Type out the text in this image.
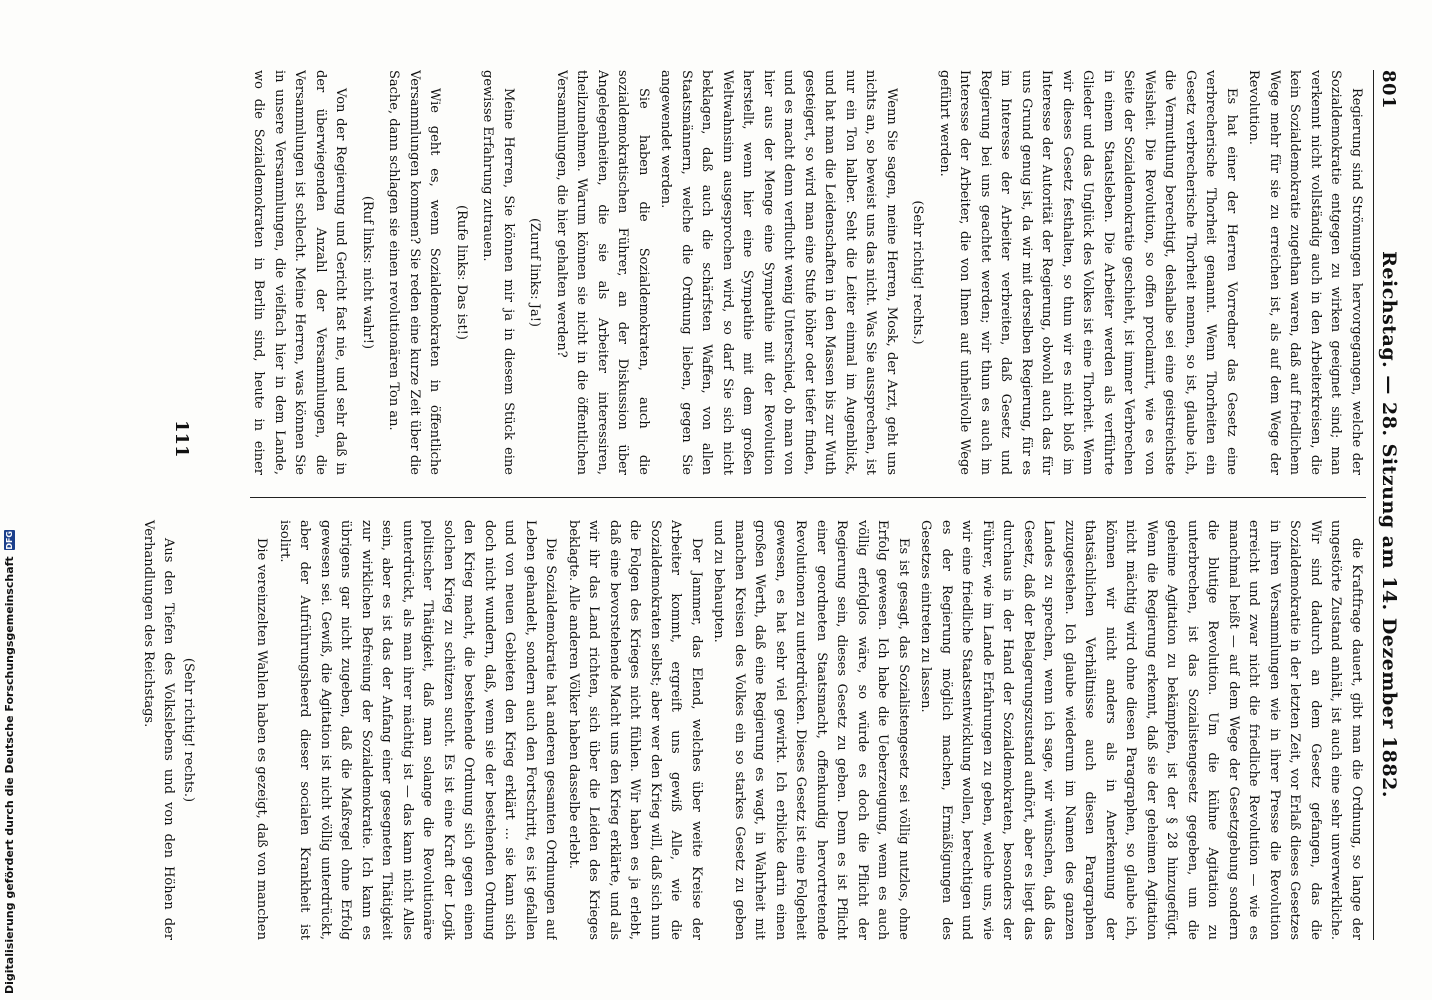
801
Reichstag. — 28. Sitzung am 14. Dezember 1882.

Regierung sind Strömungen hervorgegangen, welche der Sozialdemokratie entgegen zu wirken geeignet sind; man verkennt nicht vollständig auch in den Arbeiterkreisen, die kein Sozialdemokratie zugethan waren, daß auf friedlichem Wege mehr für sie zu erreichen ist, als auf dem Wege der Revolution.

Es hat einer der Herren Vorredner das Gesetz eine verbrecherische Thorheit genannt. Wenn Thorheiten ein Gesetz verbrecherische Thorheit nennen, so ist, glaube ich, die Vermuthung berechtigt, deshalbe sei eine geistreichste Weisheit. Die Revolution, so offen proclamirt, wie es von Seite der Sozialdemokratie geschieht, ist immer Verbrechen in einem Staatsleben. Die Arbeiter werden als verführte Glieder und das Unglück des Volkes ist eine Thorheit. Wenn wir dieses Gesetz festhalten, so thun wir es nicht bloß im Interesse der Autorität der Regierung, obwohl auch das für uns Grund genug ist, da wir mit derselben Regierung, für es im Interesse der Arbeiter verbreiten, daß Gesetz und Regierung bei uns geachtet werden; wir thun es auch im Interesse der Arbeiter, die von Ihnen auf unheilvolle Wege geführt werden.

(Sehr richtig! rechts.)

Wenn Sie sagen, meine Herren, Mosk, der Arzt, geht uns nichts an, so beweist uns das nicht. Was Sie aussprechen, ist nur ein Ton halber. Seht die Leiter einmal im Augenblick, und hat man die Leidenschaften in den Massen bis zur Wuth gesteigert, so wird man eine Stufe höher oder tiefer finden, und es macht denn verflucht wenig Unterschied, ob man von hier aus der Menge eine Sympathie mit der Revolution herstellt, wenn hier eine Sympathie mit dem großen Weltwahnsinn ausgesprochen wird, so darf Sie sich nicht beklagen, daß auch die schärfsten Waffen, von allen Staatsmännern, welche die Ordnung lieben, gegen Sie angewendet werden.

Sie haben die Sozialdemokraten, auch die sozialdemokratischen Führer, an der Diskussion über Angelegenheiten, die sie als Arbeiter interessiren, theilzunehmen. Warum können sie nicht in die öffentlichen Versammlungen, die hier gehalten werden?

(Zuruf links: Ja!)

Meine Herren, Sie können mir ja in diesem Stück eine gewisse Erfahrung zutrauen.

(Rufe links: Das ist!)

Wie geht es, wenn Sozialdemokraten in öffentliche Versammlungen kommen? Sie reden eine kurze Zeit über die Sache, dann schlagen sie einen revolutionären Ton an.

(Ruf links: nicht wahr!)

Von der Regierung und Gericht fast nie, und sehr daß in der überwiegenden Anzahl der Versammlungen, die Versammlungen ist schlecht. Meine Herren, was können Sie in unsere Versammlungen, die vielfach hier in dem Lande, wo die Sozialdemokraten in Berlin sind, heute in einer

die Kraftfrage dauert, gibt man die Ordnung, so lange der ungestörte Zustand anhält, ist auch eine sehr unverwerkliche. Wir sind dadurch an dem Gesetz gefangen, das die Sozialdemokratie in der letzten Zeit, vor Erlaß dieses Gesetzes in ihren Versammlungen wie in ihrer Presse die Revolution erreicht und zwar nicht die friedliche Revolution — wie es manchmal heißt — auf dem Wege der Gesetzgebung sondern die blutige Revolution. Um die kühne Agitation zu unterbrechen, ist das Sozialistengesetz gegeben, um die geheime Agitation zu bekämpfen, ist der § 28 hinzugefügt. Wenn die Regierung erkennt, daß sie der geheimen Agitation nicht mächtig wird ohne diesen Paragraphen, so glaube ich, können wir nicht anders als in Anerkennung der thatsächlichen Verhältnisse auch diesen Paragraphen zuzugestehen. Ich glaube wiederum im Namen des ganzen Landes zu sprechen, wenn ich sage, wir wünschen, daß das Gesetz, daß der Belagerungszustand aufhört, aber es liegt das durchaus in der Hand der Sozialdemokraten, besonders der Führer, wie im Lande Erfahrungen zu geben, welche uns, wie wir eine friedliche Staatsentwicklung wollen, berechtigen und es der Regierung möglich machen, Ermäßigungen des Gesetzes eintreten zu lassen.

Es ist gesagt, das Sozialistengesetz sei völlig nutzlos, ohne Erfolg gewesen. Ich habe die Ueberzeugung, wenn es auch völlig erfolglos wäre, so würde es doch die Pflicht der Regierung sein, dieses Gesetz zu geben. Denn es ist Pflicht einer geordneten Staatsmacht, offenkundig hervortretende Revolutionen zu unterdrücken. Dieses Gesetz ist eine Folgeheit gewesen, es hat sehr viel gewirkt. Ich erblicke darin einen großen Werth, daß eine Regierung es wagt, in Wahrheit mit manchen Kreisen des Volkes ein so starkes Gesetz zu geben und zu behaupten.

Der Jammer, das Elend, welches über weite Kreise der Arbeiter kommt, ergreift uns gewiß Alle, wie die Sozialdemokraten selbst; aber wer den Krieg will, daß sich nun die Folgen des Krieges nicht fühlen. Wir haben es ja erlebt, daß eine bevorstehende Macht uns den Krieg erklärte, und als wir ihr das Land richten, sich über die Leiden des Krieges beklagte. Alle anderen Völker haben dasselbe erlebt.

Die Sozialdemokratie hat anderen gesamten Ordnungen auf Leben gehandelt, sondern auch den Fortschritt, es ist gefallen und von neuen Gebieten den Krieg erklärt ... sie kann sich doch nicht wundern, daß, wenn sie der bestehenden Ordnung den Krieg macht, die bestehende Ordnung sich gegen einen solchen Krieg zu schützen sucht. Es ist eine Kraft der Logik politischer Thätigkeit, daß man solange die Revolutionäre unterdrückt, als man ihrer mächtig ist — das kann nicht Alles sein, aber es ist das der Anfang einer gesegneten Thätigkeit zur wirklichen Befreiung der Sozialdemokratie. Ich kann es übrigens gar nicht zugeben, daß die Maßregel ohne Erfolg gewesen sei. Gewiß, die Agitation ist nicht völlig unterdrückt, aber der Aufrührungsheerd dieser socialen Krankheit ist isolirt.

Die vereinzelten Wahlen haben es gezeigt, daß von manchen

(Sehr richtig! rechts.)

Aus den Tiefen des Volkslebens und von den Höhen der Verhandlungen des Reichstags.

111
Digitalisierung gefördert durch die Deutsche Forschungsgemeinschaft
DFG
